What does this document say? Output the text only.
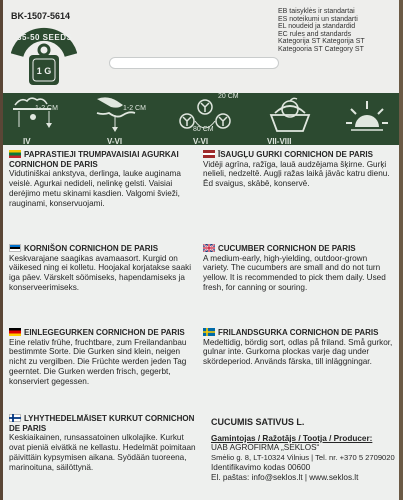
BK-1507-5614	EB taisyklės ir standartai
ES noteikumi un standarti
EL noudeid ja standardid
EC rules and standards
Kategorija ST Kategorija ST
Kategooria ST Category ST
1 G
35-50 SEEDS
1-2 CM
IV
1-2 CM
V-VI
20 CM
80 CM
V-VI	VII-VIII
PAPRASTIEJI TRUMPAVAISIAI AGURKAI
CORNICHON DE PARIS
Vidutiniškai ankstyva, derlinga, lauke auginama veislė. Agurkai nedideli, nelinkę gelsti. Vaisiai derėjimo metu skinami kasdien. Valgomi švieži, rauginami, konservuojami.
ĪSAUGĻU GURKI CORNICHON DE PARIS
Vidēji agrīna, ražīga, lauā audzējama šķirne. Gurķi nelieli, nedzeltē. Augļi ražas laikā jāvāc katru dienu. Ēd svaigus, skābē, konservē.
KORNIŠON CORNICHON DE PARIS
Keskvarajane saagikas avamaasort. Kurgid on väikesed ning ei kolletu. Hoojakal korjatakse saaki iga päev. Värskelt söömiseks, hapendamiseks ja konserveerimiseks.
CUCUMBER CORNICHON DE PARIS
A medium-early, high-yielding, outdoor-grown variety. The cucumbers are small and do not turn yellow. It is recommended to pick them daily. Used fresh, for canning or souring.
EINLEGEGURKEN CORNICHON DE PARIS
Eine relativ frühe, fruchtbare, zum Freilandanbau bestimmte Sorte. Die Gurken sind klein, neigen nicht zu vergilben. Die Früchte werden jeden Tag geerntet. Die Gurken werden frisch, gegerbt, konserviert gegessen.
FRILANDSGURKA CORNICHON DE PARIS
Medeltidig, bördig sort, odlas på friland. Små gurkor, gulnar inte. Gurkorna plockas varje dag under skördeperiod. Används färska, till inläggningar.
LYHYTHEDELMÄISET KURKUT CORNICHON
DE PARIS
Keskiaikainen, runsassatoinen ulkolajike. Kurkut ovat pieniä eivätkä ne kellastu. Hedelmät poimitaan päivittäin kypsymisen aikana. Syödään tuoreena, marinoituna, säilöttynä.
CUCUMIS SATIVUS L.
Gamintojas / Ražotājs / Tootja / Producer:
UAB AGROFIRMA „SEKLOS“
Smėlio g. 8, LT-10324 Vilnius | Tel. nr. +370 5 2709020
Identifikavimo kodas 00600
El. paštas: info@seklos.lt | www.seklos.lt
